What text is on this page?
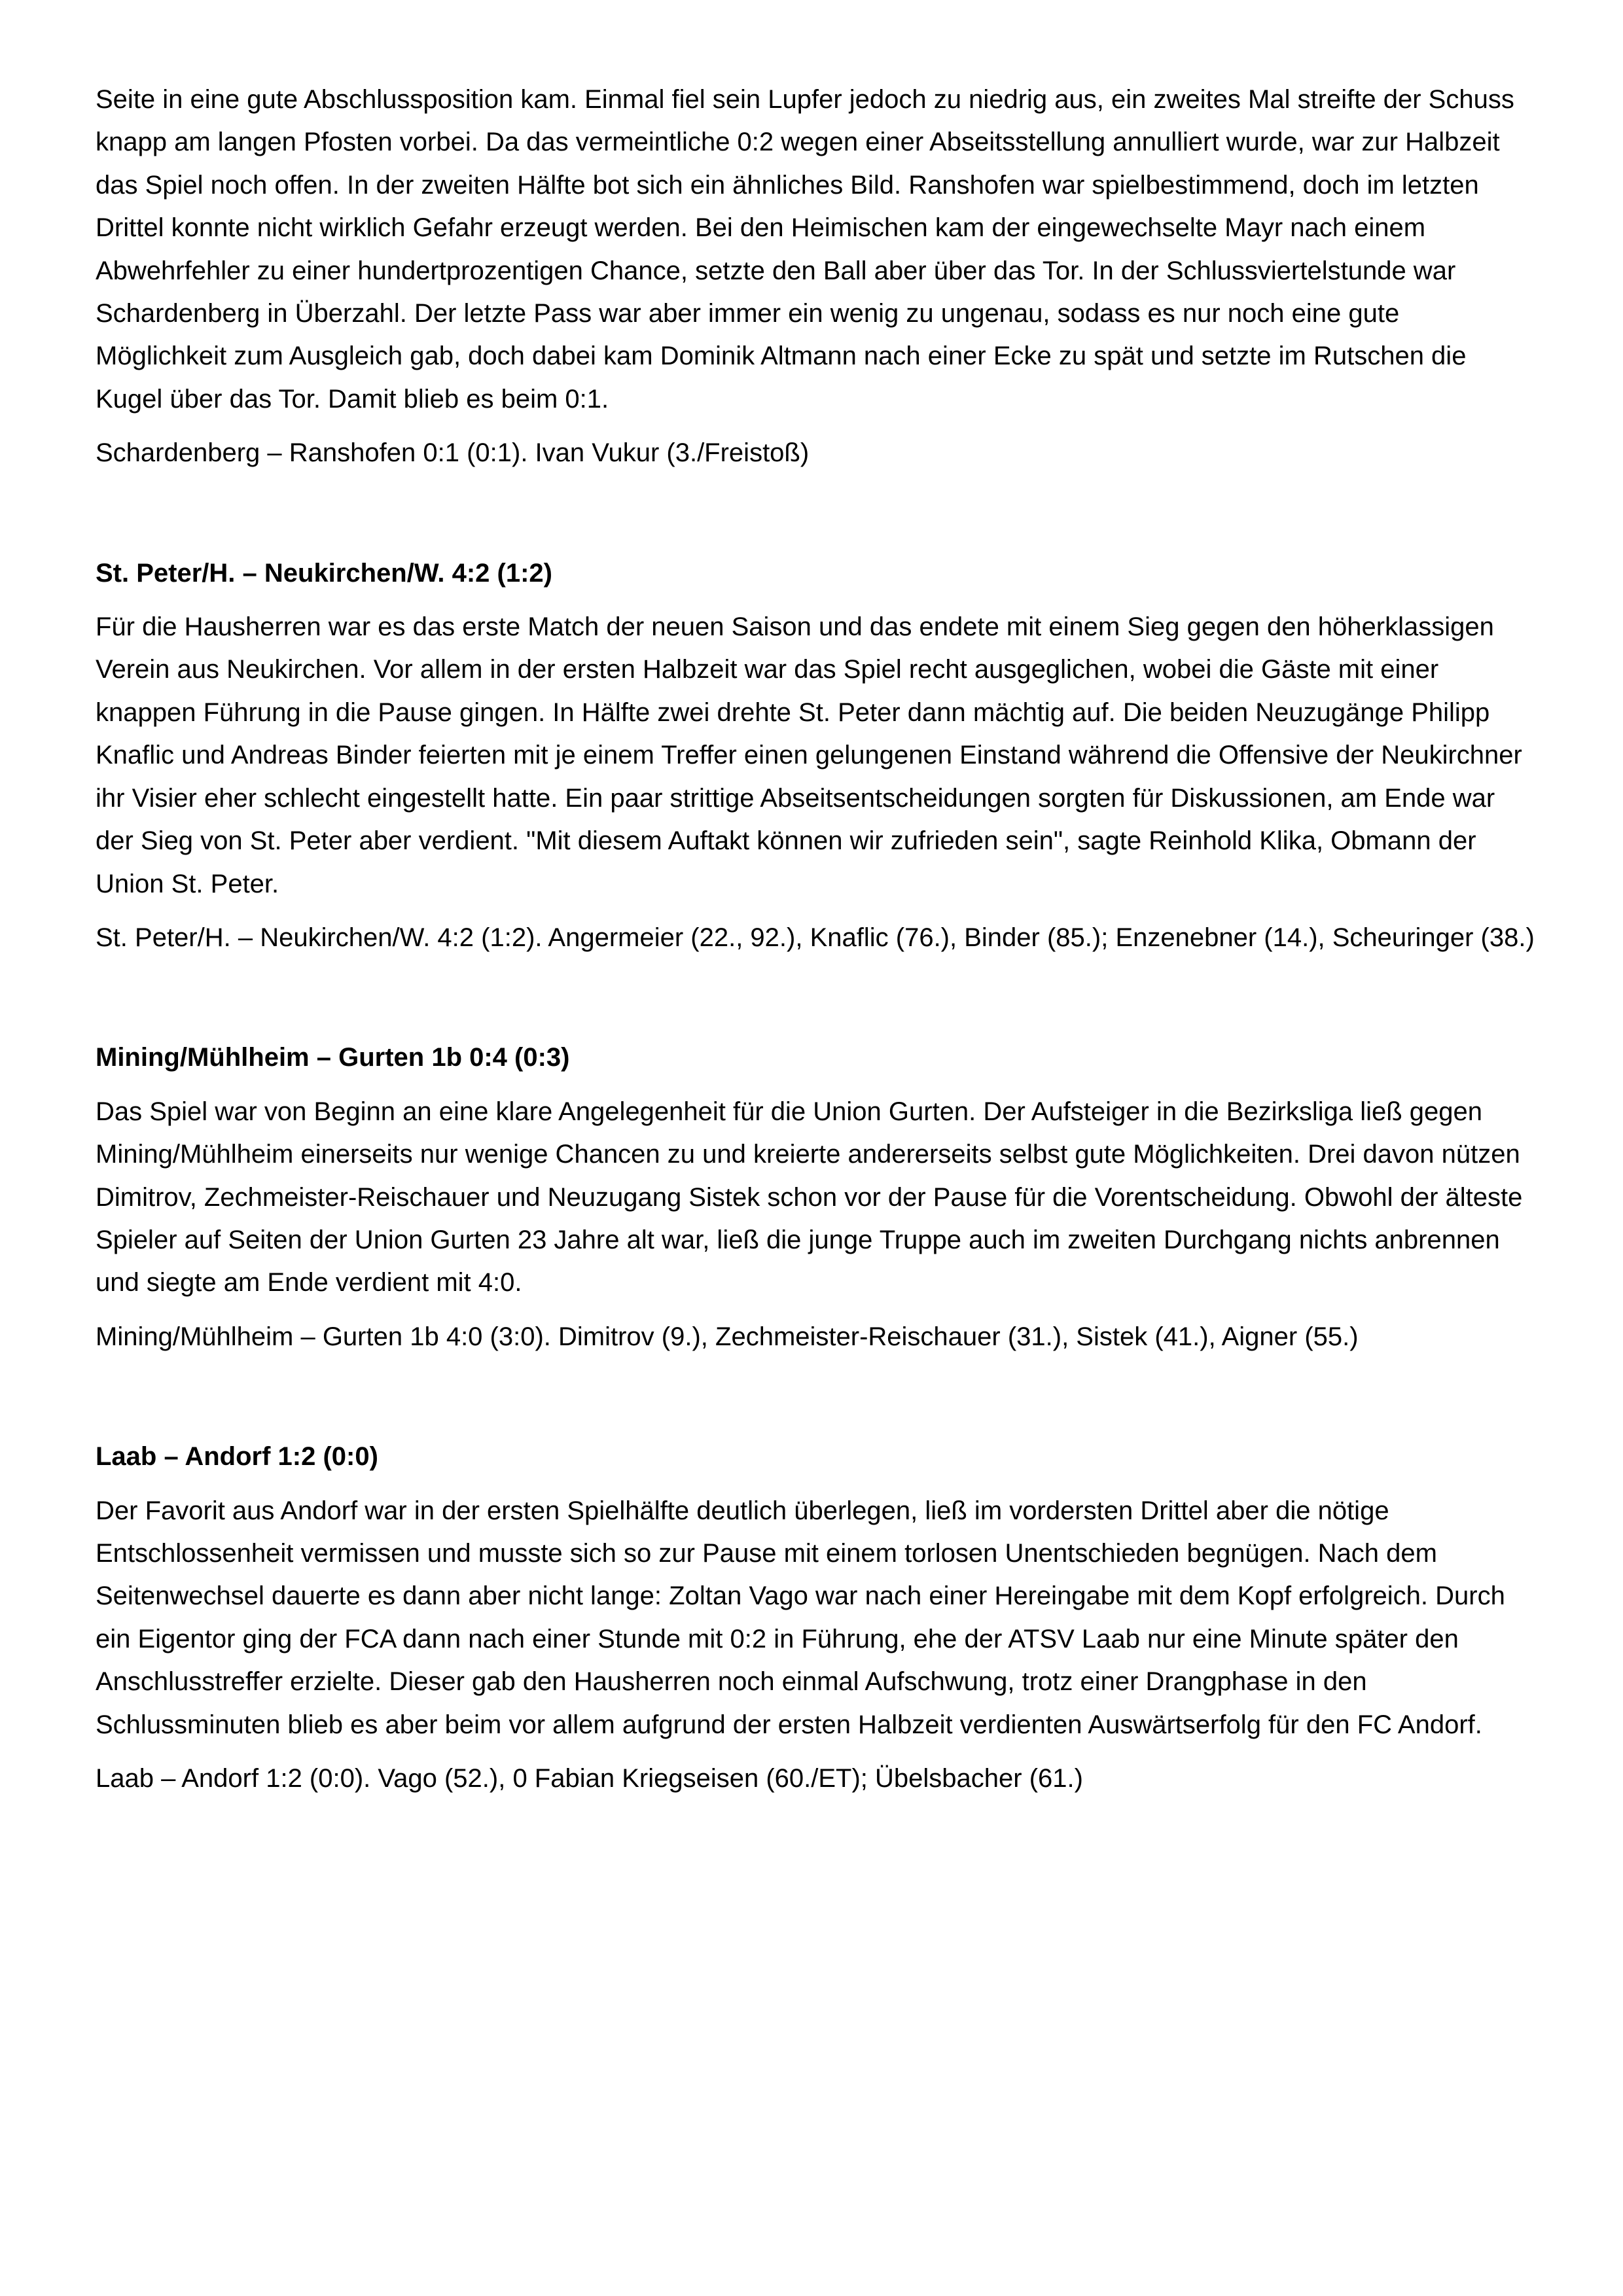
Seite in eine gute Abschlussposition kam. Einmal fiel sein Lupfer jedoch zu niedrig aus, ein zweites Mal streifte der Schuss knapp am langen Pfosten vorbei. Da das vermeintliche 0:2 wegen einer Abseitsstellung annulliert wurde, war zur Halbzeit das Spiel noch offen. In der zweiten Hälfte bot sich ein ähnliches Bild. Ranshofen war spielbestimmend, doch im letzten Drittel konnte nicht wirklich Gefahr erzeugt werden. Bei den Heimischen kam der eingewechselte Mayr nach einem Abwehrfehler zu einer hundertprozentigen Chance, setzte den Ball aber über das Tor. In der Schlussviertelstunde war Schardenberg in Überzahl. Der letzte Pass war aber immer ein wenig zu ungenau, sodass es nur noch eine gute Möglichkeit zum Ausgleich gab, doch dabei kam Dominik Altmann nach einer Ecke zu spät und setzte im Rutschen die Kugel über das Tor. Damit blieb es beim 0:1.

Schardenberg – Ranshofen 0:1 (0:1). Ivan Vukur (3./Freistoß)

St. Peter/H. – Neukirchen/W. 4:2 (1:2)

Für die Hausherren war es das erste Match der neuen Saison und das endete mit einem Sieg gegen den höherklassigen Verein aus Neukirchen. Vor allem in der ersten Halbzeit war das Spiel recht ausgeglichen, wobei die Gäste mit einer knappen Führung in die Pause gingen. In Hälfte zwei drehte St. Peter dann mächtig auf. Die beiden Neuzugänge Philipp Knaflic und Andreas Binder feierten mit je einem Treffer einen gelungenen Einstand während die Offensive der Neukirchner ihr Visier eher schlecht eingestellt hatte. Ein paar strittige Abseitsentscheidungen sorgten für Diskussionen, am Ende war der Sieg von St. Peter aber verdient. "Mit diesem Auftakt können wir zufrieden sein", sagte Reinhold Klika, Obmann der Union St. Peter.

St. Peter/H. – Neukirchen/W. 4:2 (1:2). Angermeier (22., 92.), Knaflic (76.), Binder (85.); Enzenebner (14.), Scheuringer (38.)

Mining/Mühlheim – Gurten 1b 0:4 (0:3)

Das Spiel war von Beginn an eine klare Angelegenheit für die Union Gurten. Der Aufsteiger in die Bezirksliga ließ gegen Mining/Mühlheim einerseits nur wenige Chancen zu und kreierte andererseits selbst gute Möglichkeiten. Drei davon nützen Dimitrov, Zechmeister-Reischauer und Neuzugang Sistek schon vor der Pause für die Vorentscheidung. Obwohl der älteste Spieler auf Seiten der Union Gurten 23 Jahre alt war, ließ die junge Truppe auch im zweiten Durchgang nichts anbrennen und siegte am Ende verdient mit 4:0.

Mining/Mühlheim – Gurten 1b 4:0 (3:0). Dimitrov (9.), Zechmeister-Reischauer (31.), Sistek (41.), Aigner (55.)

Laab – Andorf 1:2 (0:0)

Der Favorit aus Andorf war in der ersten Spielhälfte deutlich überlegen, ließ im vordersten Drittel aber die nötige Entschlossenheit vermissen und musste sich so zur Pause mit einem torlosen Unentschieden begnügen. Nach dem Seitenwechsel dauerte es dann aber nicht lange: Zoltan Vago war nach einer Hereingabe mit dem Kopf erfolgreich. Durch ein Eigentor ging der FCA dann nach einer Stunde mit 0:2 in Führung, ehe der ATSV Laab nur eine Minute später den Anschlusstreffer erzielte. Dieser gab den Hausherren noch einmal Aufschwung, trotz einer Drangphase in den Schlussminuten blieb es aber beim vor allem aufgrund der ersten Halbzeit verdienten Auswärtserfolg für den FC Andorf.

Laab – Andorf 1:2 (0:0). Vago (52.), 0 Fabian Kriegseisen (60./ET); Übelsbacher (61.)
